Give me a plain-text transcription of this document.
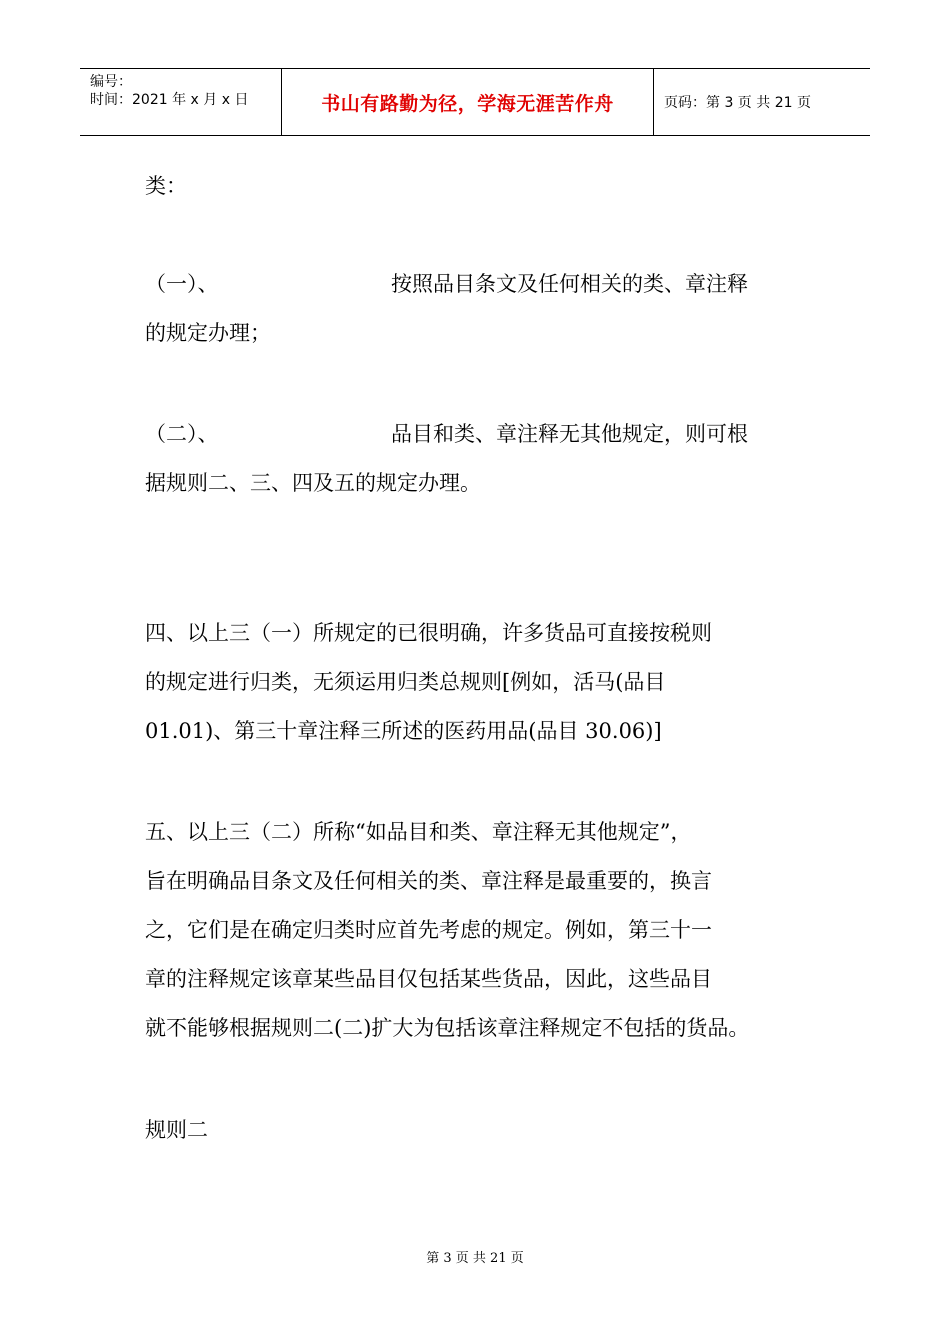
编号：
时间：2021 年 x 月 x 日	书山有路勤为径，学海无涯苦作舟	页码：第 3 页 共 21 页
类：
（一）、	按照品目条文及任何相关的类、章注释
的规定办理；
（二）、	品目和类、章注释无其他规定，则可根
据规则二、三、四及五的规定办理。
四、以上三（一）所规定的已很明确，许多货品可直接按税则
的规定进行归类，无须运用归类总规则[例如，活马(品目
01.01)、第三十章注释三所述的医药用品(品目 30.06)]
五、以上三（二）所称“如品目和类、章注释无其他规定”，
旨在明确品目条文及任何相关的类、章注释是最重要的，换言
之，它们是在确定归类时应首先考虑的规定。例如，第三十一
章的注释规定该章某些品目仅包括某些货品，因此，这些品目
就不能够根据规则二(二)扩大为包括该章注释规定不包括的货品。
规则二
第 3 页 共 21 页
